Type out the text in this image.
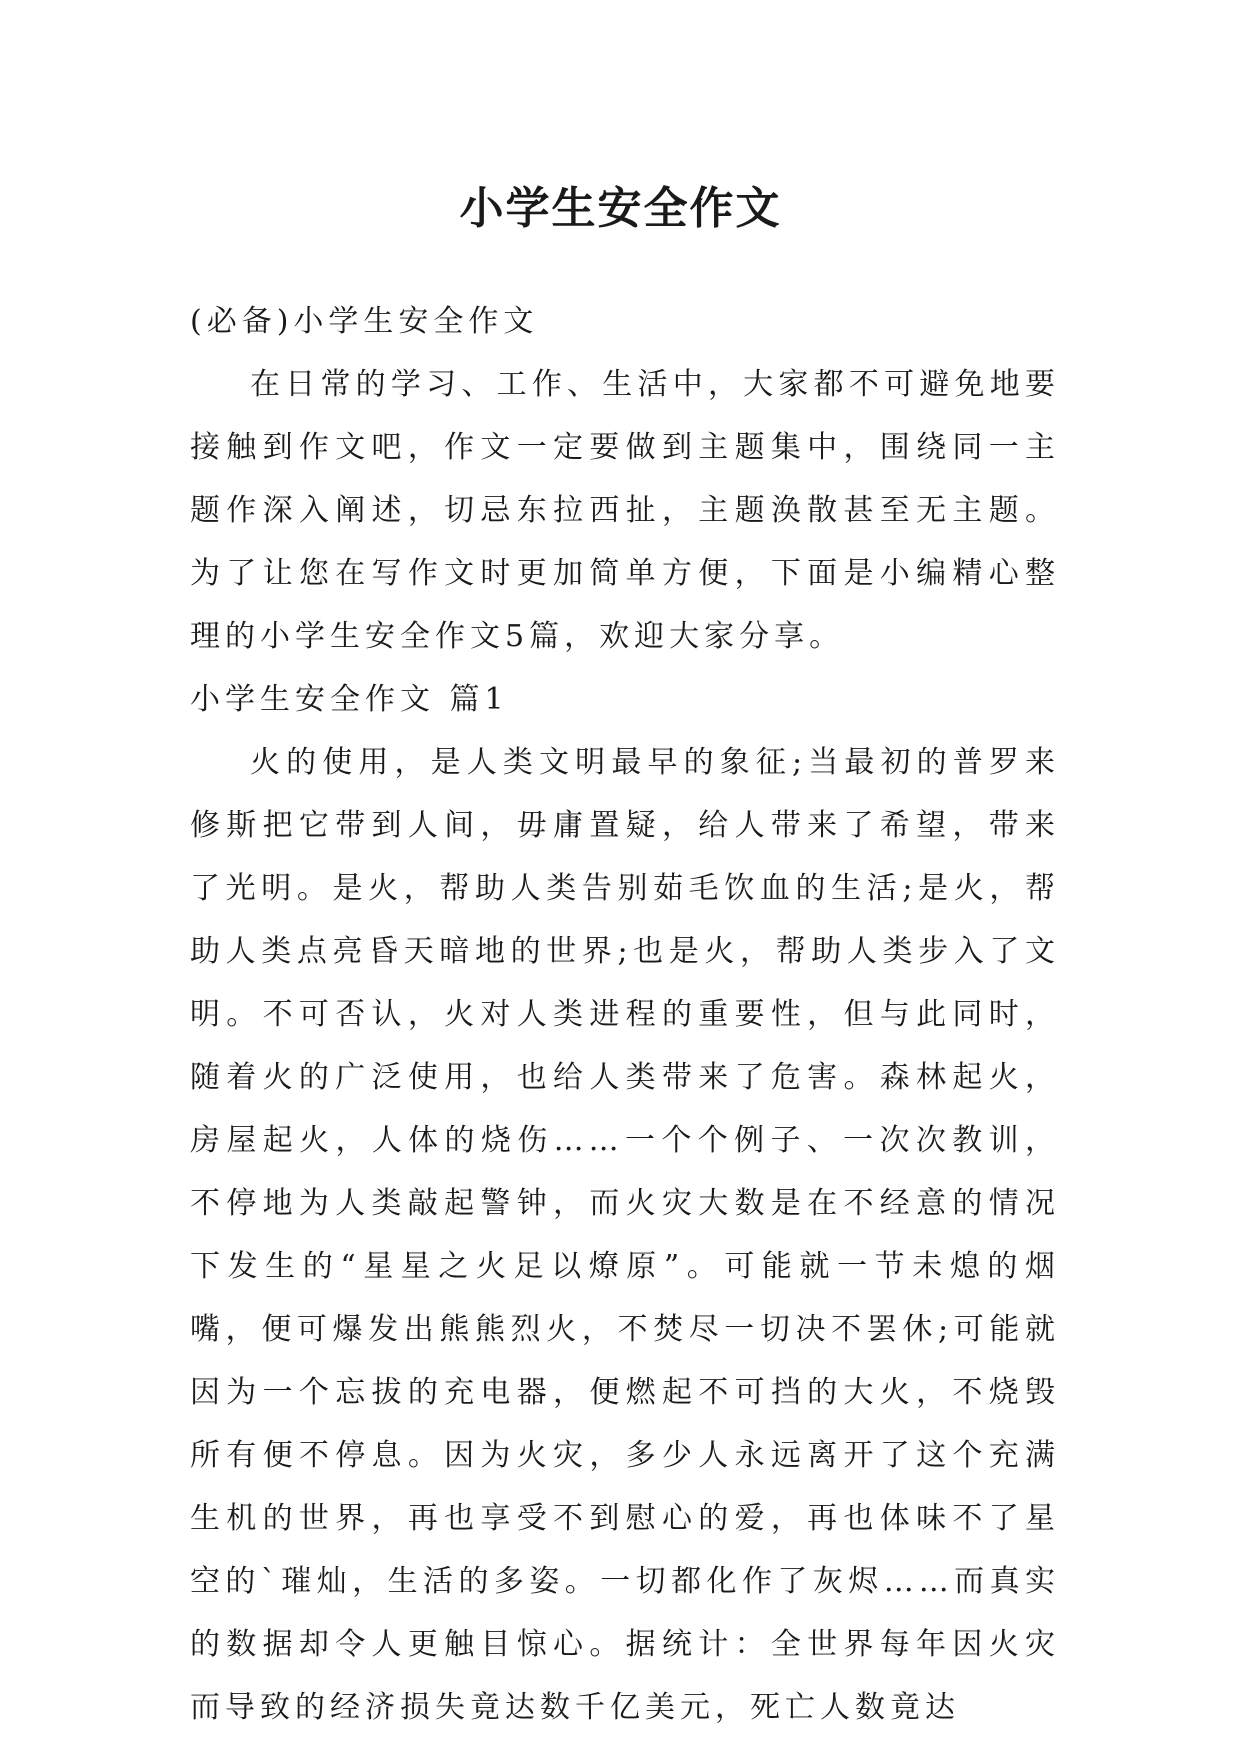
小学生安全作文

(必备)小学生安全作文

在日常的学习、工作、生活中，大家都不可避免地要接触到作文吧，作文一定要做到主题集中，围绕同一主题作深入阐述，切忌东拉西扯，主题涣散甚至无主题。为了让您在写作文时更加简单方便，下面是小编精心整理的小学生安全作文5篇，欢迎大家分享。

小学生安全作文 篇1

火的使用，是人类文明最早的象征;当最初的普罗来修斯把它带到人间，毋庸置疑，给人带来了希望，带来了光明。是火，帮助人类告别茹毛饮血的生活;是火，帮助人类点亮昏天暗地的世界;也是火，帮助人类步入了文明。不可否认，火对人类进程的重要性，但与此同时，随着火的广泛使用，也给人类带来了危害。森林起火，房屋起火，人体的烧伤……一个个例子、一次次教训，不停地为人类敲起警钟，而火灾大数是在不经意的情况下发生的“星星之火足以燎原”。可能就一节未熄的烟嘴，便可爆发出熊熊烈火，不焚尽一切决不罢休;可能就因为一个忘拔的充电器，便燃起不可挡的大火，不烧毁所有便不停息。因为火灾，多少人永远离开了这个充满生机的世界，再也享受不到慰心的爱，再也体味不了星空的`璀灿，生活的多姿。一切都化作了灰烬……而真实的数据却令人更触目惊心。据统计：全世界每年因火灾而导致的经济损失竟达数千亿美元，死亡人数竟达
